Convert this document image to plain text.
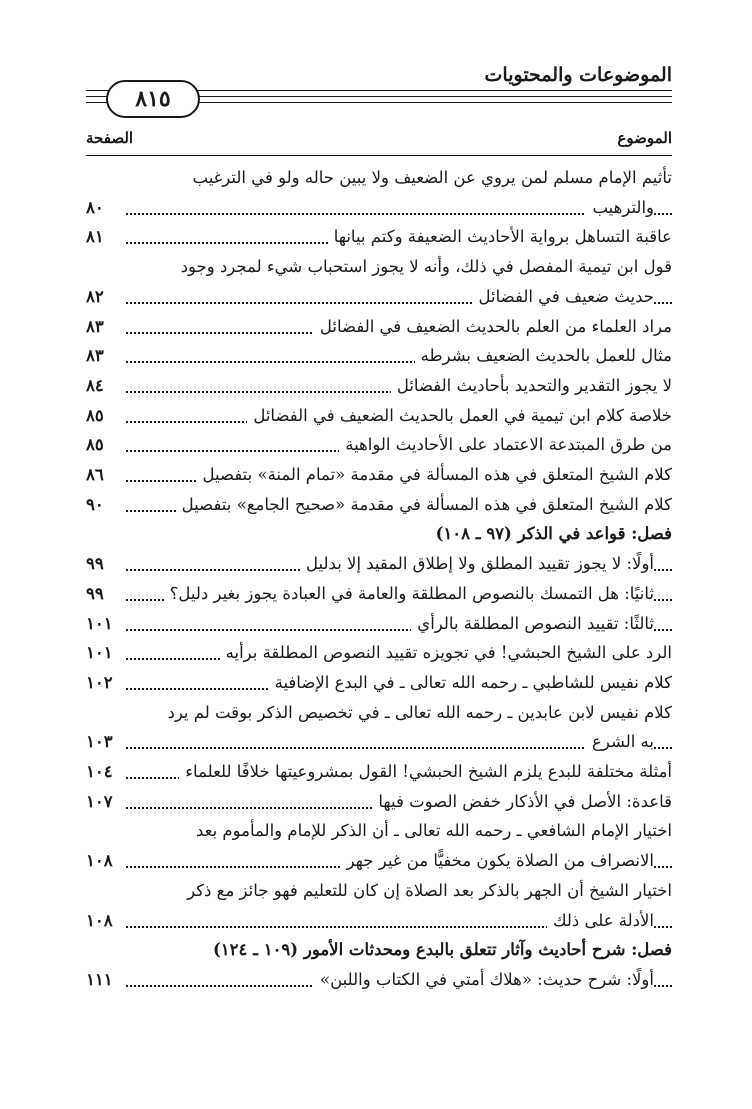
الموضوعات والمحتويات
٨١٥
الموضوع
الصفحة
تأثيم الإمام مسلم لمن يروي عن الضعيف ولا يبين حاله ولو في الترغيب
٨٠	والترهيب
٨١	عاقبة التساهل برواية الأحاديث الضعيفة وكتم بيانها
قول ابن تيمية المفصل في ذلك، وأنه لا يجوز استحباب شيء لمجرد وجود
٨٢	حديث ضعيف في الفضائل
٨٣	مراد العلماء من العلم بالحديث الضعيف في الفضائل
٨٣	مثال للعمل بالحديث الضعيف بشرطه
٨٤	لا يجوز التقدير والتحديد بأحاديث الفضائل
٨٥	خلاصة كلام ابن تيمية في العمل بالحديث الضعيف في الفضائل
٨٥	من طرق المبتدعة الاعتماد على الأحاديث الواهية
٨٦	كلام الشيخ المتعلق في هذه المسألة في مقدمة «تمام المنة» بتفصيل
٩٠	كلام الشيخ المتعلق في هذه المسألة في مقدمة «صحيح الجامع» بتفصيل
فصل: قواعد في الذكر (٩٧ ـ ١٠٨)
٩٩	أولًا: لا يجوز تقييد المطلق ولا إطلاق المقيد إلا بدليل
٩٩	ثانيًا: هل التمسك بالنصوص المطلقة والعامة في العبادة يجوز بغير دليل؟
١٠١	ثالثًا: تقييد النصوص المطلقة بالرأي
١٠١	الرد على الشيخ الحبشي! في تجويزه تقييد النصوص المطلقة برأيه
١٠٢	كلام نفيس للشاطبي ـ رحمه الله تعالى ـ في البدع الإضافية
كلام نفيس لابن عابدين ـ رحمه الله تعالى ـ في تخصيص الذكر بوقت لم يرد
١٠٣	به الشرع
١٠٤	أمثلة مختلفة للبدع يلزم الشيخ الحبشي! القول بمشروعيتها خلافًا للعلماء
١٠٧	قاعدة: الأصل في الأذكار خفض الصوت فيها
اختيار الإمام الشافعي ـ رحمه الله تعالى ـ أن الذكر للإمام والمأموم بعد
١٠٨	الانصراف من الصلاة يكون مخفيًّا من غير جهر
اختيار الشيخ أن الجهر بالذكر بعد الصلاة إن كان للتعليم فهو جائز مع ذكر
١٠٨	الأدلة على ذلك
فصل: شرح أحاديث وآثار تتعلق بالبدع ومحدثات الأمور (١٠٩ ـ ١٢٤)
١١١	أولًا: شرح حديث: «هلاك أمتي في الكتاب واللبن»
